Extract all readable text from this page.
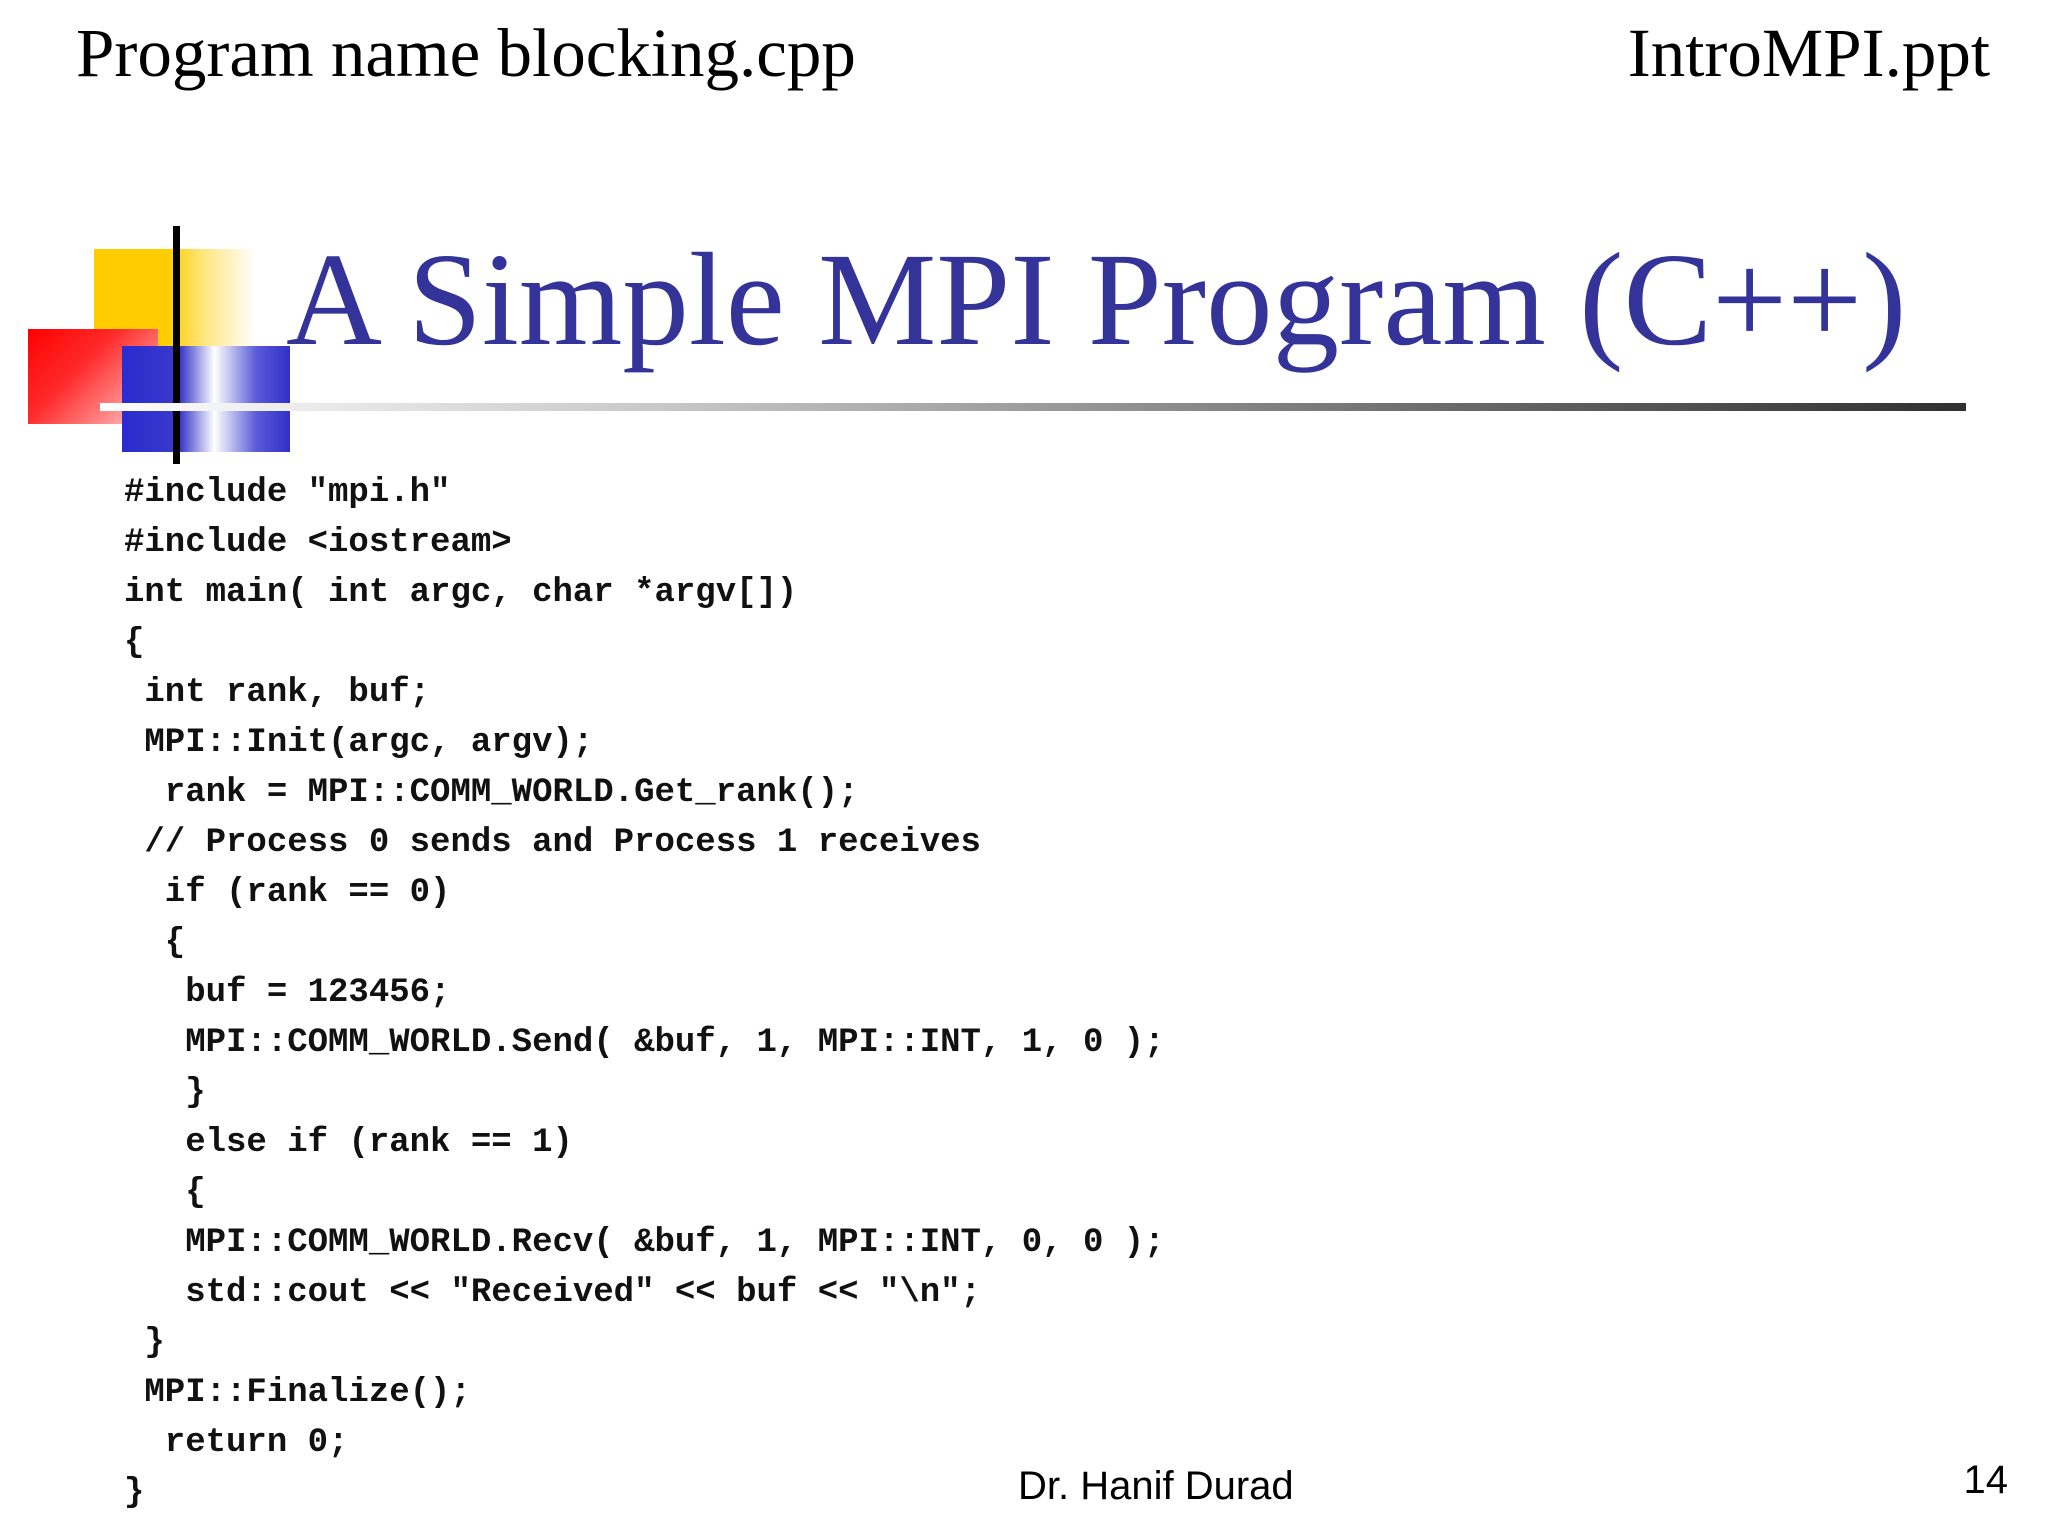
Program name blocking.cpp	IntroMPI.ppt
A Simple MPI Program (C++)
#include "mpi.h"
#include <iostream>
int main( int argc, char *argv[])
{
int rank, buf;
MPI::Init(argc, argv);
rank = MPI::COMM_WORLD.Get_rank();
// Process 0 sends and Process 1 receives
if (rank == 0)
{
buf = 123456;
MPI::COMM_WORLD.Send( &buf, 1, MPI::INT, 1, 0 );
}
else if (rank == 1)
{
MPI::COMM_WORLD.Recv( &buf, 1, MPI::INT, 0, 0 );
std::cout << "Received" << buf << "\n";
}
MPI::Finalize();
return 0;
}	Dr. Hanif Durad	14
